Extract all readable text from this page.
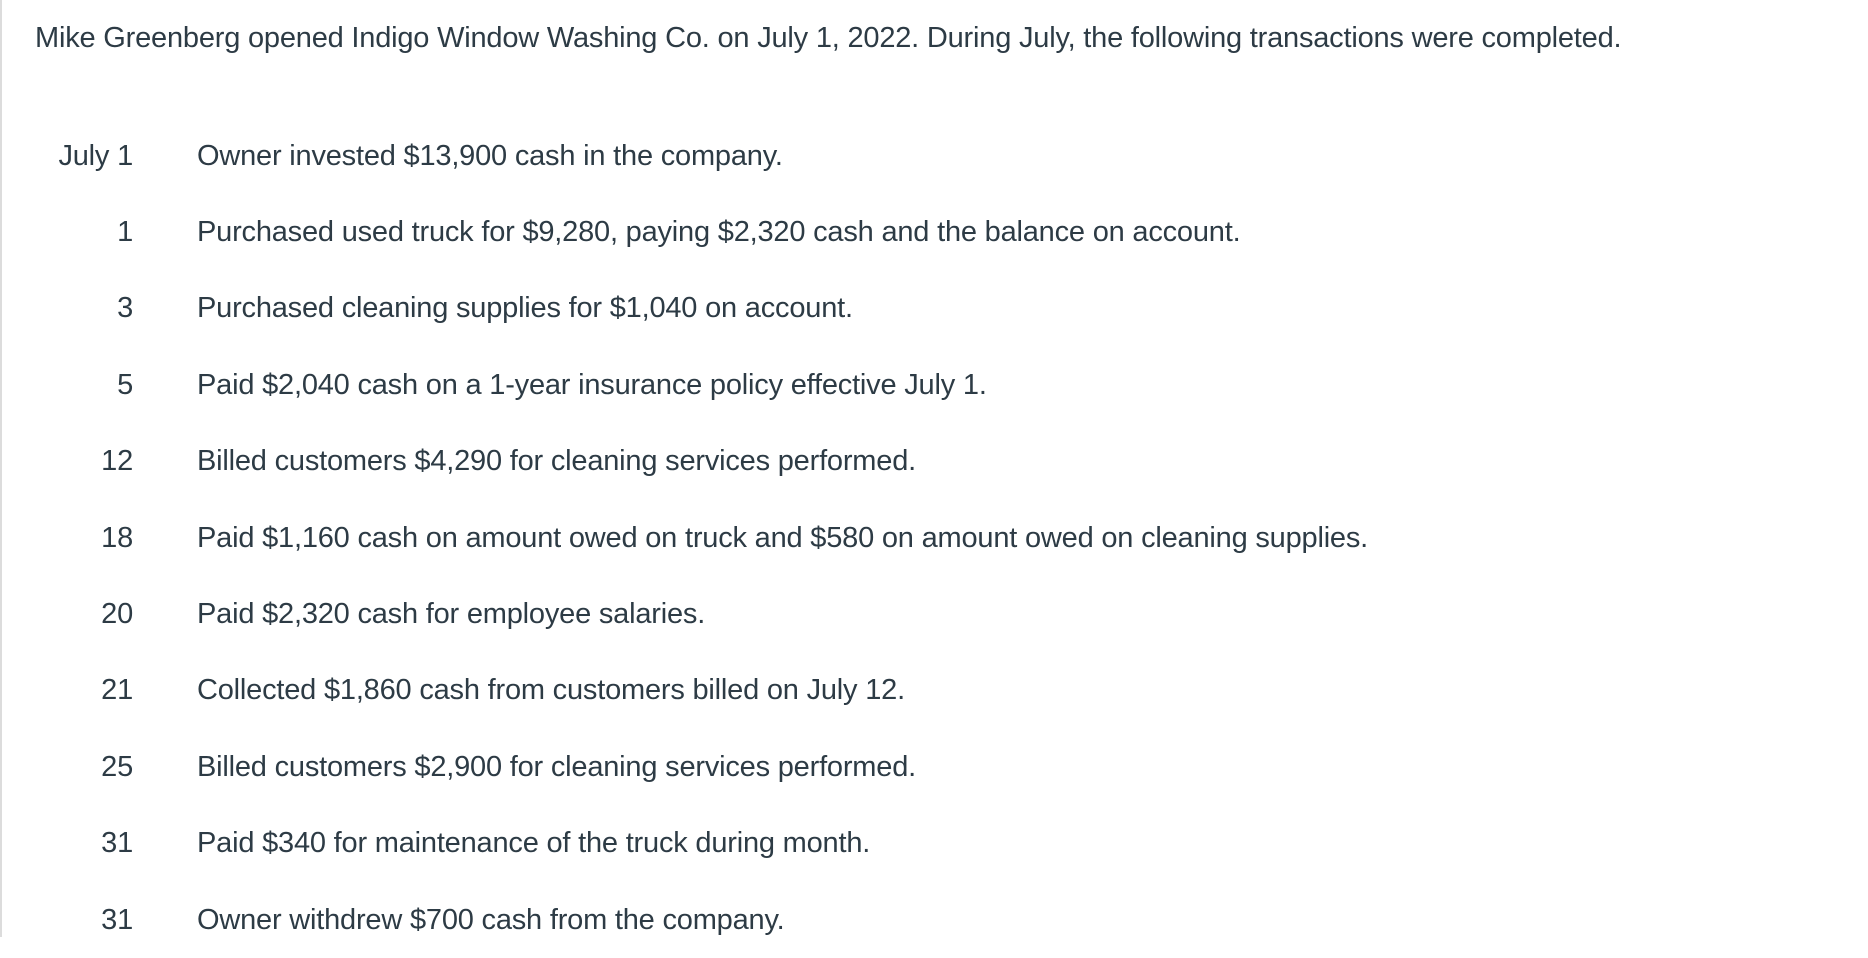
Mike Greenberg opened Indigo Window Washing Co. on July 1, 2022. During July, the following transactions were completed.
July 1	Owner invested $13,900 cash in the company.
1	Purchased used truck for $9,280, paying $2,320 cash and the balance on account.
3	Purchased cleaning supplies for $1,040 on account.
5	Paid $2,040 cash on a 1-year insurance policy effective July 1.
12	Billed customers $4,290 for cleaning services performed.
18	Paid $1,160 cash on amount owed on truck and $580 on amount owed on cleaning supplies.
20	Paid $2,320 cash for employee salaries.
21	Collected $1,860 cash from customers billed on July 12.
25	Billed customers $2,900 for cleaning services performed.
31	Paid $340 for maintenance of the truck during month.
31	Owner withdrew $700 cash from the company.
